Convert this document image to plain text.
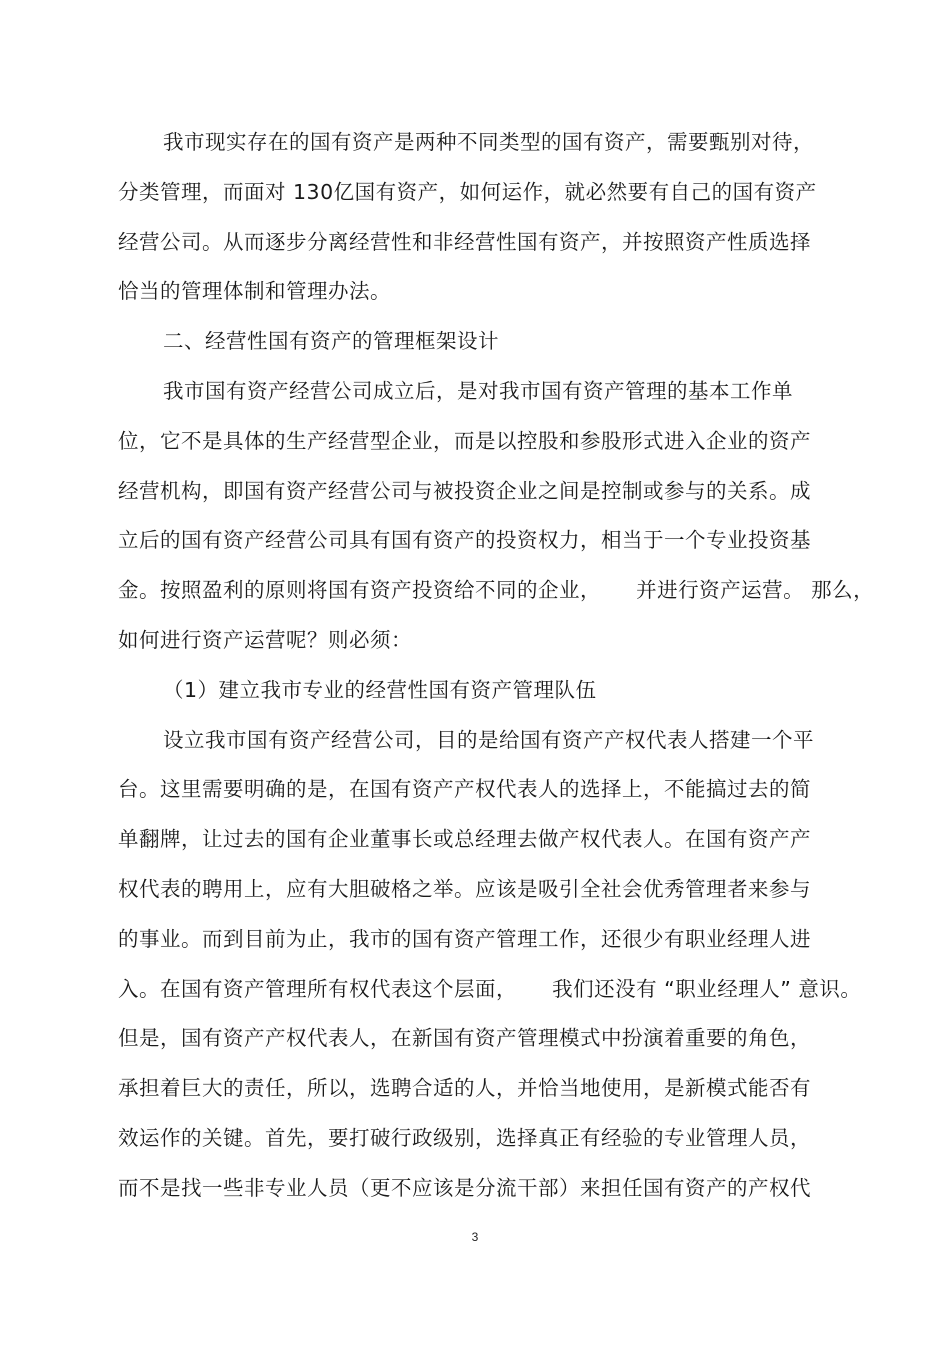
我市现实存在的国有资产是两种不同类型的国有资产，需要甄别对待，
分类管理，而面对 130亿国有资产，如何运作，就必然要有自己的国有资产
经营公司。从而逐步分离经营性和非经营性国有资产，并按照资产性质选择
恰当的管理体制和管理办法。
二、经营性国有资产的管理框架设计
我市国有资产经营公司成立后，是对我市国有资产管理的基本工作单
位，它不是具体的生产经营型企业，而是以控股和参股形式进入企业的资产
经营机构，即国有资产经营公司与被投资企业之间是控制或参与的关系。成
立后的国有资产经营公司具有国有资产的投资权力，相当于一个专业投资基
金。按照盈利的原则将国有资产投资给不同的企业，     并进行资产运营。 那么，
如何进行资产运营呢？则必须：
（1）建立我市专业的经营性国有资产管理队伍
设立我市国有资产经营公司，目的是给国有资产产权代表人搭建一个平
台。这里需要明确的是，在国有资产产权代表人的选择上，不能搞过去的简
单翻牌，让过去的国有企业董事长或总经理去做产权代表人。在国有资产产
权代表的聘用上，应有大胆破格之举。应该是吸引全社会优秀管理者来参与
的事业。而到目前为止，我市的国有资产管理工作，还很少有职业经理人进
入。在国有资产管理所有权代表这个层面，     我们还没有 “职业经理人” 意识。
但是，国有资产产权代表人，在新国有资产管理模式中扮演着重要的角色，
承担着巨大的责任，所以，选聘合适的人，并恰当地使用，是新模式能否有
效运作的关键。首先，要打破行政级别，选择真正有经验的专业管理人员，
而不是找一些非专业人员（更不应该是分流干部）来担任国有资产的产权代
3
